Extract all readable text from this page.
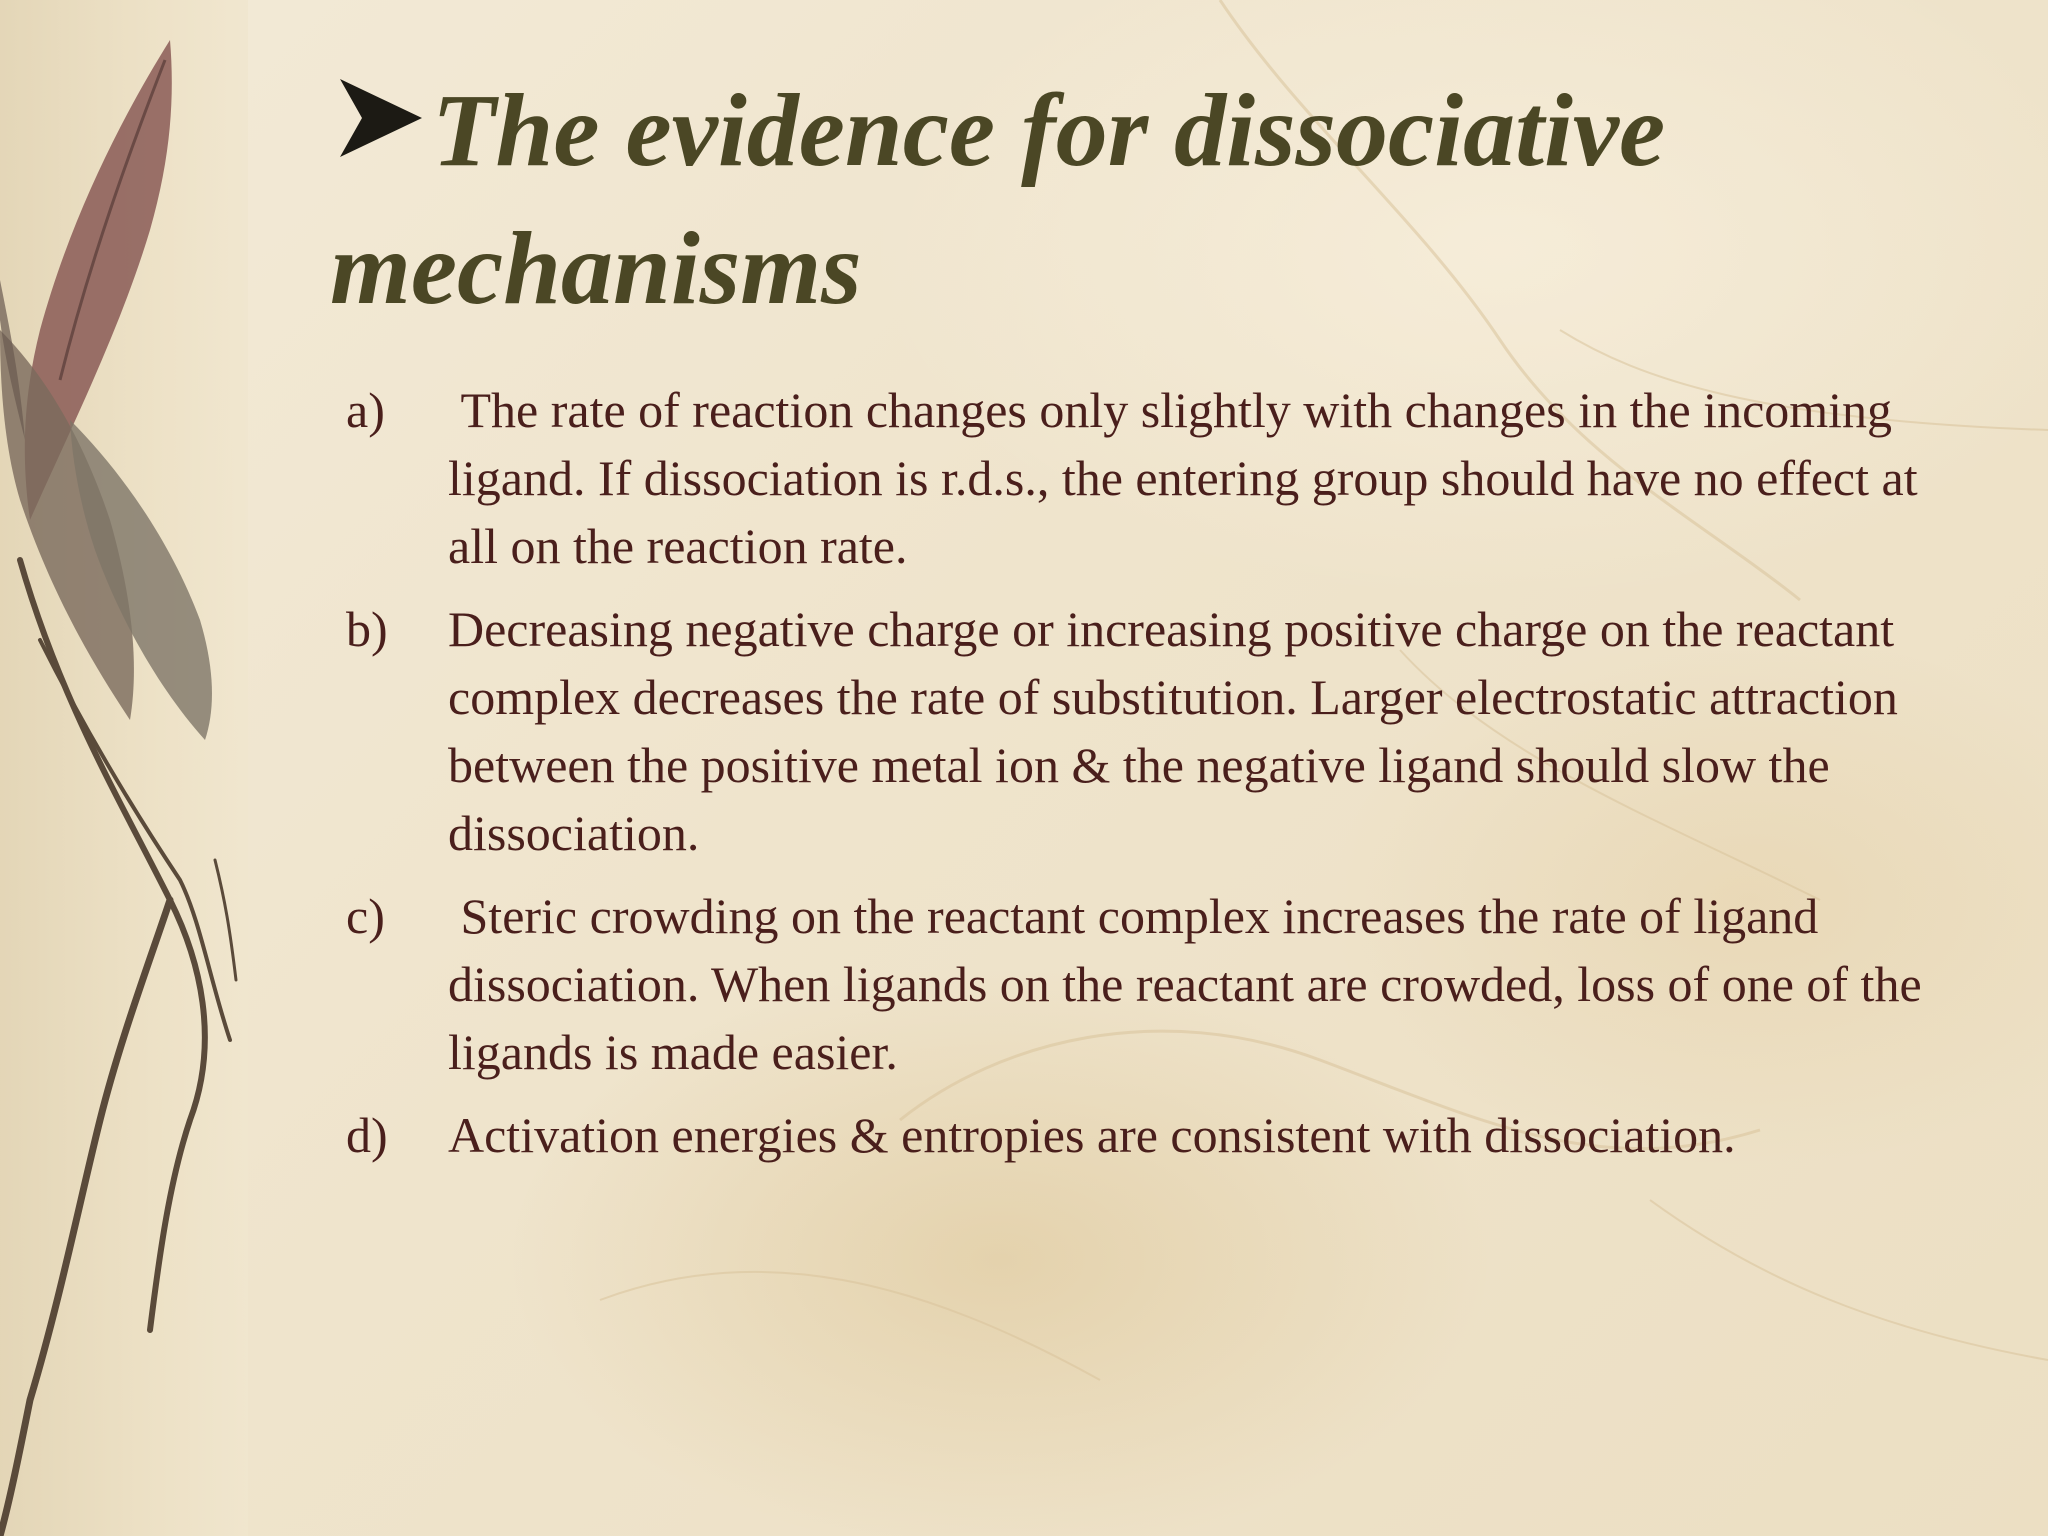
The evidence for dissociative mechanisms
a)	The rate of reaction changes only slightly with changes in the incoming ligand. If dissociation is r.d.s., the entering group should have no effect at all on the reaction rate.
b)	Decreasing negative charge or increasing positive charge on the reactant complex decreases the rate of substitution. Larger electrostatic attraction between the positive metal ion & the negative ligand should slow the dissociation.
c)	Steric crowding on the reactant complex increases the rate of ligand dissociation. When ligands on the reactant are crowded, loss of one of the ligands is made easier.
d)	Activation energies & entropies are consistent with dissociation.
